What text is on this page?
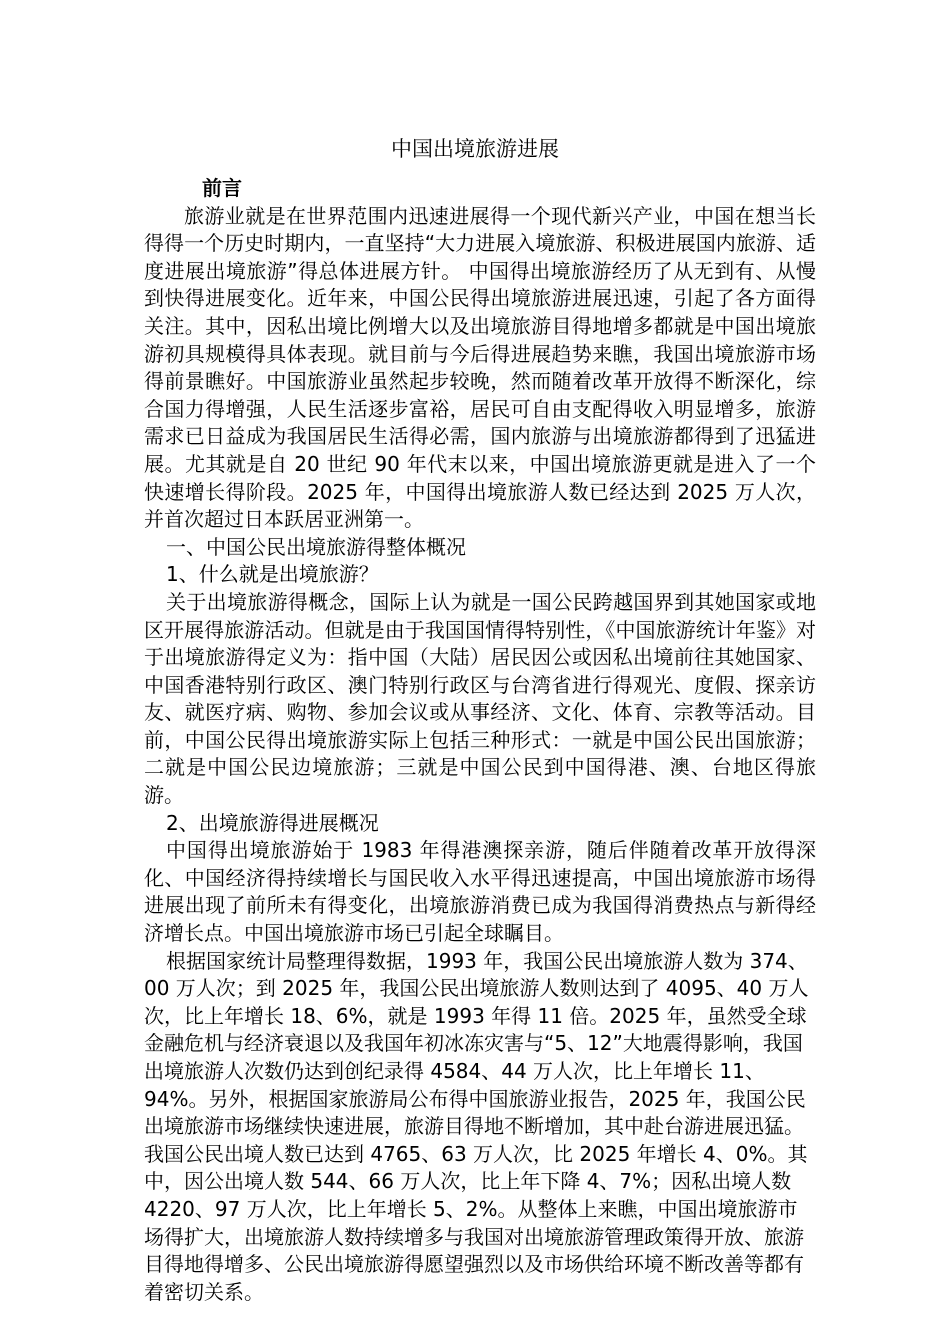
中国出境旅游进展

前言

旅游业就是在世界范围内迅速进展得一个现代新兴产业，中国在想当长得得一个历史时期内，一直坚持“大力进展入境旅游、积极进展国内旅游、适度进展出境旅游”得总体进展方针。 中国得出境旅游经历了从无到有、从慢到快得进展变化。近年来，中国公民得出境旅游进展迅速，引起了各方面得关注。其中，因私出境比例增大以及出境旅游目得地增多都就是中国出境旅游初具规模得具体表现。就目前与今后得进展趋势来瞧，我国出境旅游市场得前景瞧好。中国旅游业虽然起步较晚，然而随着改革开放得不断深化，综合国力得增强，人民生活逐步富裕，居民可自由支配得收入明显增多，旅游需求已日益成为我国居民生活得必需，国内旅游与出境旅游都得到了迅猛进展。尤其就是自 20 世纪 90 年代末以来，中国出境旅游更就是进入了一个快速增长得阶段。2025 年，中国得出境旅游人数已经达到 2025 万人次，并首次超过日本跃居亚洲第一。

一、中国公民出境旅游得整体概况

1、什么就是出境旅游？

关于出境旅游得概念，国际上认为就是一国公民跨越国界到其她国家或地区开展得旅游活动。但就是由于我国国情得特别性，《中国旅游统计年鉴》对于出境旅游得定义为：指中国（大陆）居民因公或因私出境前往其她国家、中国香港特别行政区、澳门特别行政区与台湾省进行得观光、度假、探亲访友、就医疗病、购物、参加会议或从事经济、文化、体育、宗教等活动。目前，中国公民得出境旅游实际上包括三种形式：一就是中国公民出国旅游；二就是中国公民边境旅游；三就是中国公民到中国得港、澳、台地区得旅游。

2、出境旅游得进展概况

中国得出境旅游始于 1983 年得港澳探亲游，随后伴随着改革开放得深化、中国经济得持续增长与国民收入水平得迅速提高，中国出境旅游市场得进展出现了前所未有得变化，出境旅游消费已成为我国得消费热点与新得经济增长点。中国出境旅游市场已引起全球瞩目。

根据国家统计局整理得数据，1993 年，我国公民出境旅游人数为 374、00 万人次；到 2025 年，我国公民出境旅游人数则达到了 4095、40 万人次，比上年增长 18、6%，就是 1993 年得 11 倍。2025 年，虽然受全球金融危机与经济衰退以及我国年初冰冻灾害与“5、12”大地震得影响，我国出境旅游人次数仍达到创纪录得 4584、44 万人次，比上年增长 11、94%。另外，根据国家旅游局公布得中国旅游业报告，2025 年，我国公民出境旅游市场继续快速进展，旅游目得地不断增加，其中赴台游进展迅猛。我国公民出境人数已达到 4765、63 万人次，比 2025 年增长 4、0%。其中，因公出境人数 544、66 万人次，比上年下降 4、7%；因私出境人数 4220、97 万人次，比上年增长 5、2%。从整体上来瞧，中国出境旅游市场得扩大，出境旅游人数持续增多与我国对出境旅游管理政策得开放、旅游目得地得增多、公民出境旅游得愿望强烈以及市场供给环境不断改善等都有着密切关系。
